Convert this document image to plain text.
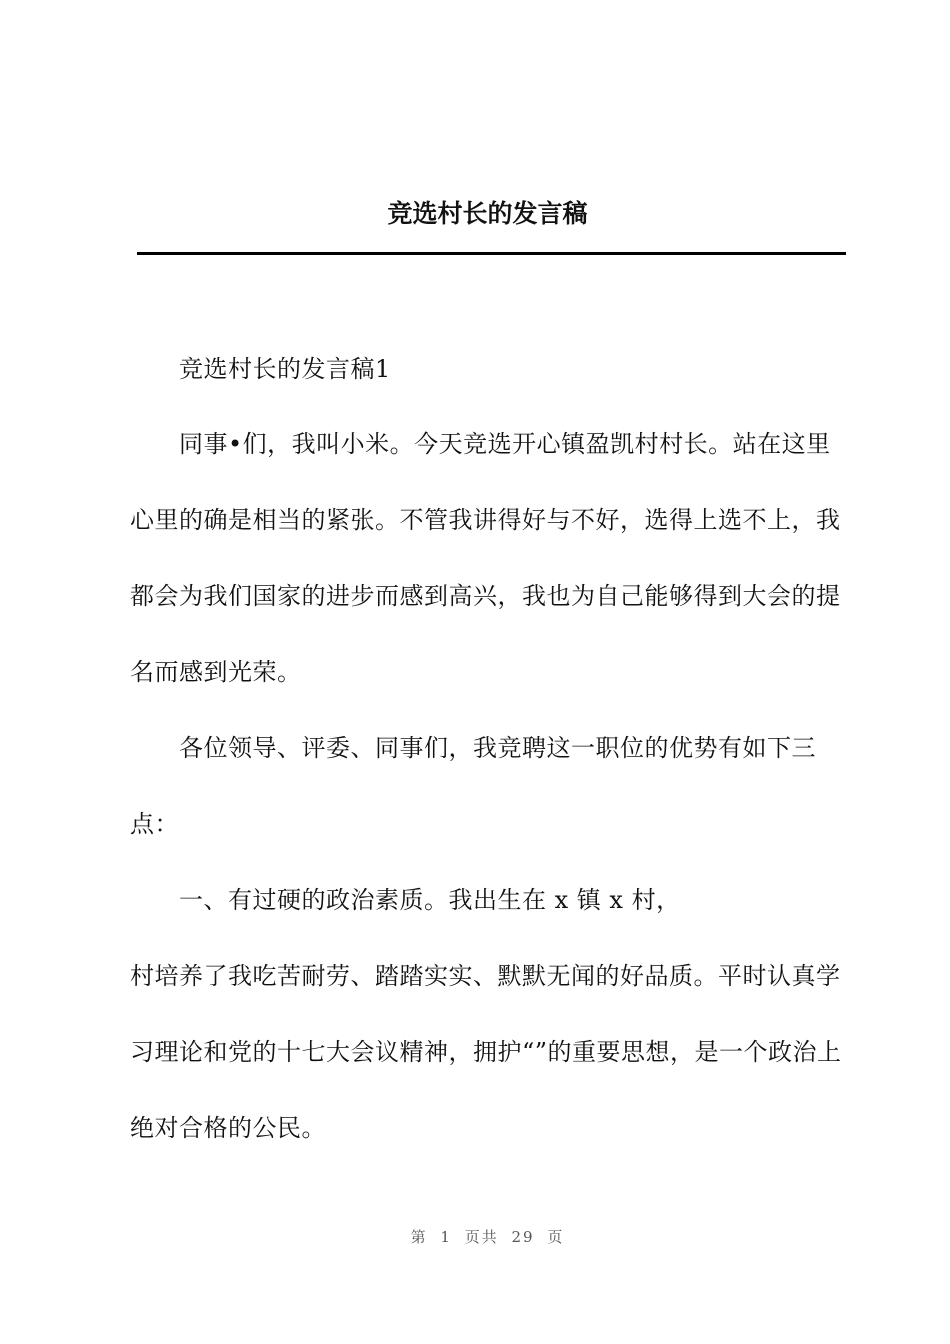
竞选村长的发言稿

竞选村长的发言稿1

同事•们，我叫小米。今天竞选开心镇盈凯村村长。站在这里心里的确是相当的紧张。不管我讲得好与不好，选得上选不上，我都会为我们国家的进步而感到高兴，我也为自己能够得到大会的提名而感到光荣。

各位领导、评委、同事们，我竞聘这一职位的优势有如下三点：

一、有过硬的政治素质。我出生在 x 镇 x 村，

村培养了我吃苦耐劳、踏踏实实、默默无闻的好品质。平时认真学习理论和党的十七大会议精神，拥护“”的重要思想，是一个政治上绝对合格的公民。

第 1 页共 29 页
